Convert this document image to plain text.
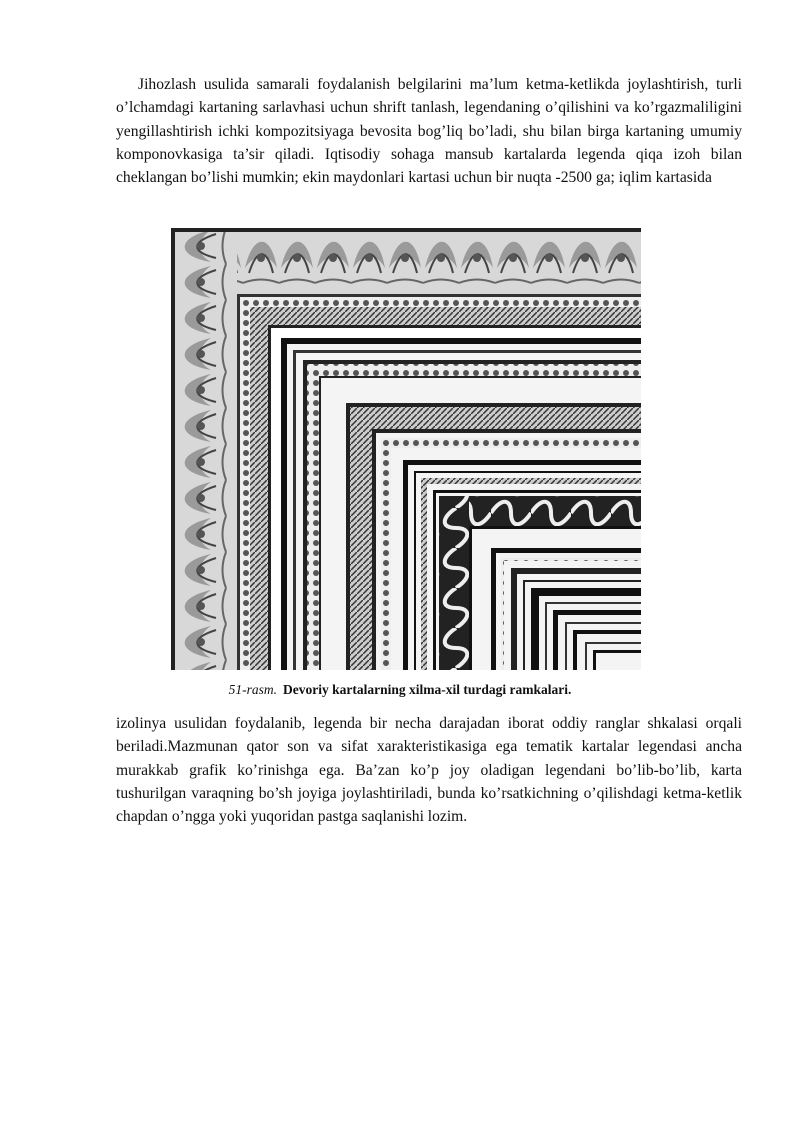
Jihozlash usulida samarali foydalanish belgilarini ma’lum ketma-ketlikda joylashtirish, turli o’lchamdagi kartaning sarlavhasi uchun shrift tanlash, legendaning o’qilishini va ko’rgazmaliligini yengillashtirish ichki kompozitsiyaga bevosita bog’liq bo’ladi, shu bilan birga kartaning umumiy komponovkasiga ta’sir qiladi. Iqtisodiy sohaga mansub kartalarda legenda qiqa izoh bilan cheklangan bo’lishi mumkin; ekin maydonlari kartasi uchun bir nuqta -2500 ga; iqlim kartasida

51-rasm. Devoriy kartalarning xilma-xil turdagi ramkalari.

izolinya usulidan foydalanib, legenda bir necha darajadan iborat oddiy ranglar shkalasi orqali beriladi.Mazmunan qator son va sifat xarakteristikasiga ega tematik kartalar legendasi ancha murakkab grafik ko’rinishga ega. Ba’zan ko’p joy oladigan legendani bo’lib-bo’lib, karta tushurilgan varaqning bo’sh joyiga joylashtiriladi, bunda ko’rsatkichning o’qilishdagi ketma-ketlik chapdan o’ngga yoki yuqoridan pastga saqlanishi lozim.
